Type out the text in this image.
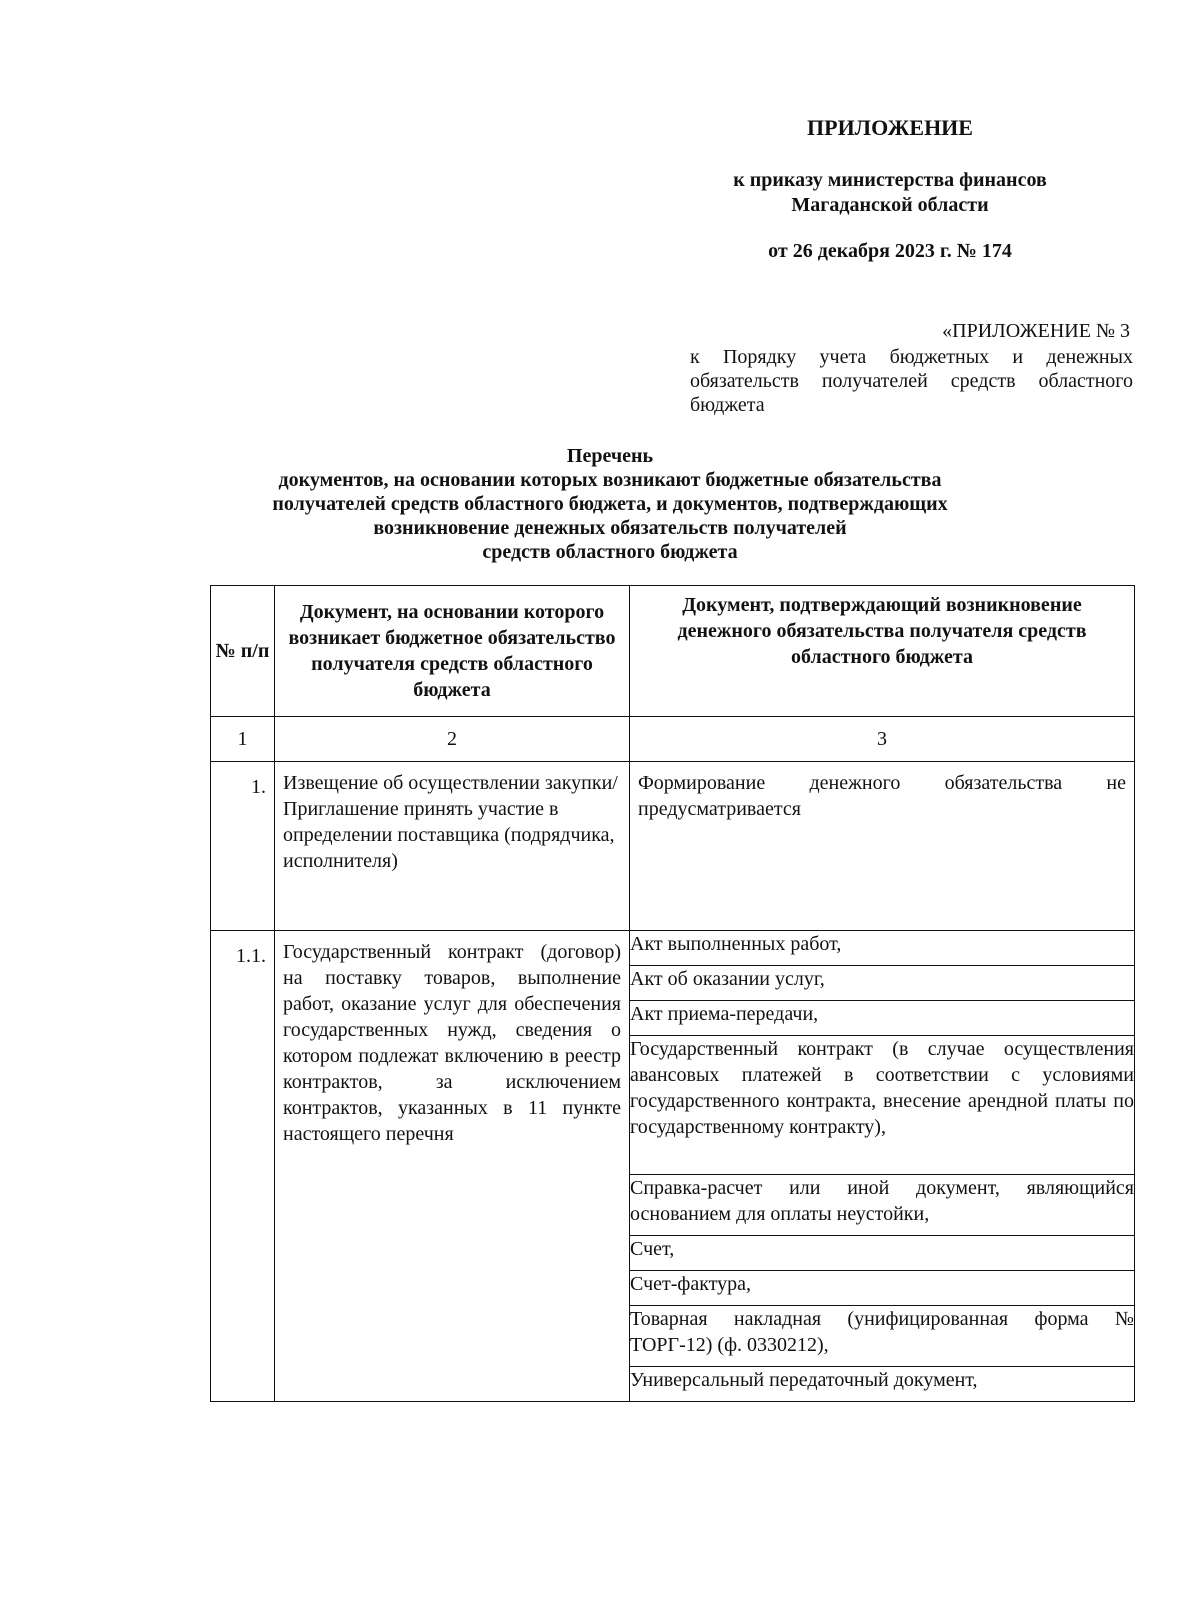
ПРИЛОЖЕНИЕ
к приказу министерства финансов
Магаданской области
от 26 декабря 2023 г. № 174
«ПРИЛОЖЕНИЕ № 3
к Порядку учета бюджетных и денежных обязательств получателей средств областного бюджета
Перечень
документов, на основании которых возникают бюджетные обязательства
получателей средств областного бюджета, и документов, подтверждающих
возникновение денежных обязательств получателей
средств областного бюджета
№ п/п	Документ, на основании которого возникает бюджетное обязательство получателя средств областного бюджета	Документ, подтверждающий возникновение денежного обязательства получателя средств областного бюджета

1	2	3
1.	Извещение об осуществлении закупки/ Приглашение принять участие в определении поставщика (подрядчика, исполнителя)	Формирование денежного обязательства не предусматривается

1.1.	Государственный контракт (договор) на поставку товаров, выполнение работ, оказание услуг для обеспечения государственных нужд, сведения о котором подлежат включению в реестр контрактов, за исключением контрактов, указанных в 11 пункте настоящего перечня	Акт выполненных работ,

		Акт об оказании услуг,

		Акт приема-передачи,

		Государственный контракт (в случае осуществления авансовых платежей в соответствии с условиями государственного контракта, внесение арендной платы по государственному контракту),

		Справка-расчет или иной документ, являющийся основанием для оплаты неустойки,

		Счет,

		Счет-фактура,

		Товарная накладная (унифицированная форма № ТОРГ-12) (ф. 0330212),

		Универсальный передаточный документ,
